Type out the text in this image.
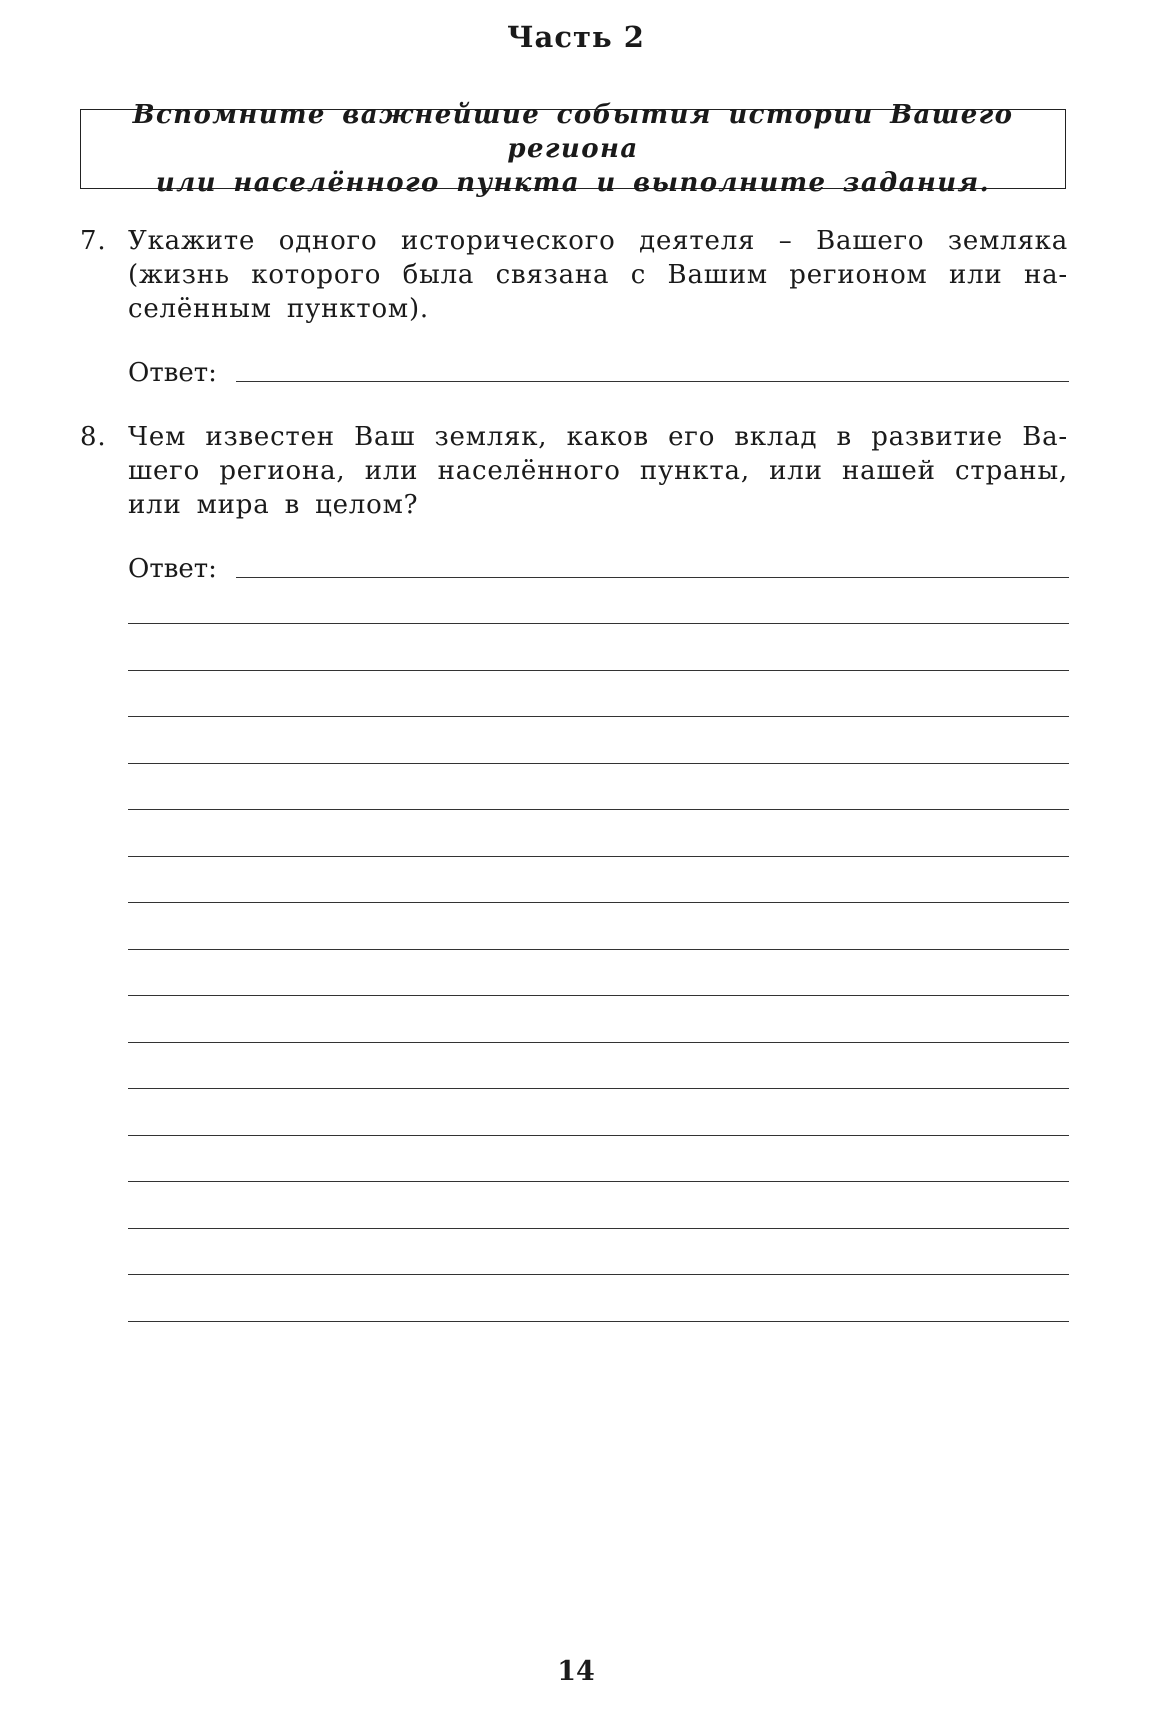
Часть 2
Вспомните важнейшие события истории Вашего региона
или населённого пункта и выполните задания.
7. Укажите одного исторического деятеля – Вашего земляка
(жизнь которого была связана с Вашим регионом или на-
селённым пунктом).
Ответ:
8. Чем известен Ваш земляк, каков его вклад в развитие Ва-
шего региона, или населённого пункта, или нашей страны,
или мира в целом?
Ответ:
14
